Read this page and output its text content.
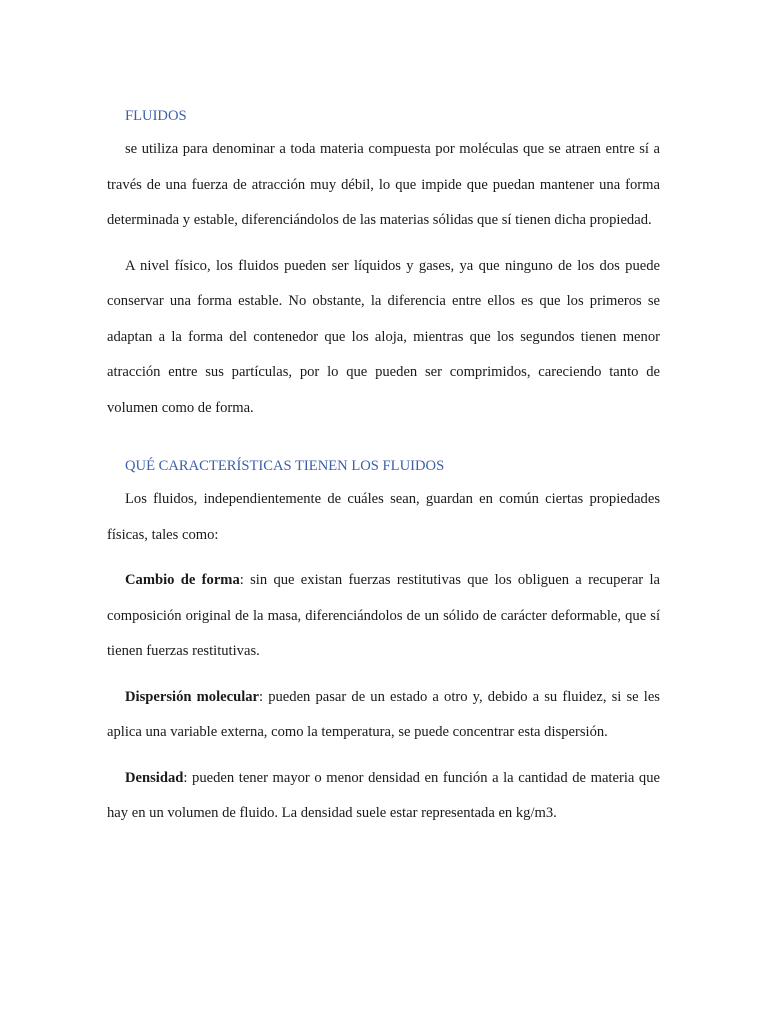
FLUIDOS

se utiliza para denominar a toda materia compuesta por moléculas que se atraen entre sí a través de una fuerza de atracción muy débil, lo que impide que puedan mantener una forma determinada y estable, diferenciándolos de las materias sólidas que sí tienen dicha propiedad.

A nivel físico, los fluidos pueden ser líquidos y gases, ya que ninguno de los dos puede conservar una forma estable. No obstante, la diferencia entre ellos es que los primeros se adaptan a la forma del contenedor que los aloja, mientras que los segundos tienen menor atracción entre sus partículas, por lo que pueden ser comprimidos, careciendo tanto de volumen como de forma.

QUÉ CARACTERÍSTICAS TIENEN LOS FLUIDOS

Los fluidos, independientemente de cuáles sean, guardan en común ciertas propiedades físicas, tales como:

Cambio de forma: sin que existan fuerzas restitutivas que los obliguen a recuperar la composición original de la masa, diferenciándolos de un sólido de carácter deformable, que sí tienen fuerzas restitutivas.

Dispersión molecular: pueden pasar de un estado a otro y, debido a su fluidez, si se les aplica una variable externa, como la temperatura, se puede concentrar esta dispersión.

Densidad: pueden tener mayor o menor densidad en función a la cantidad de materia que hay en un volumen de fluido. La densidad suele estar representada en kg/m3.
